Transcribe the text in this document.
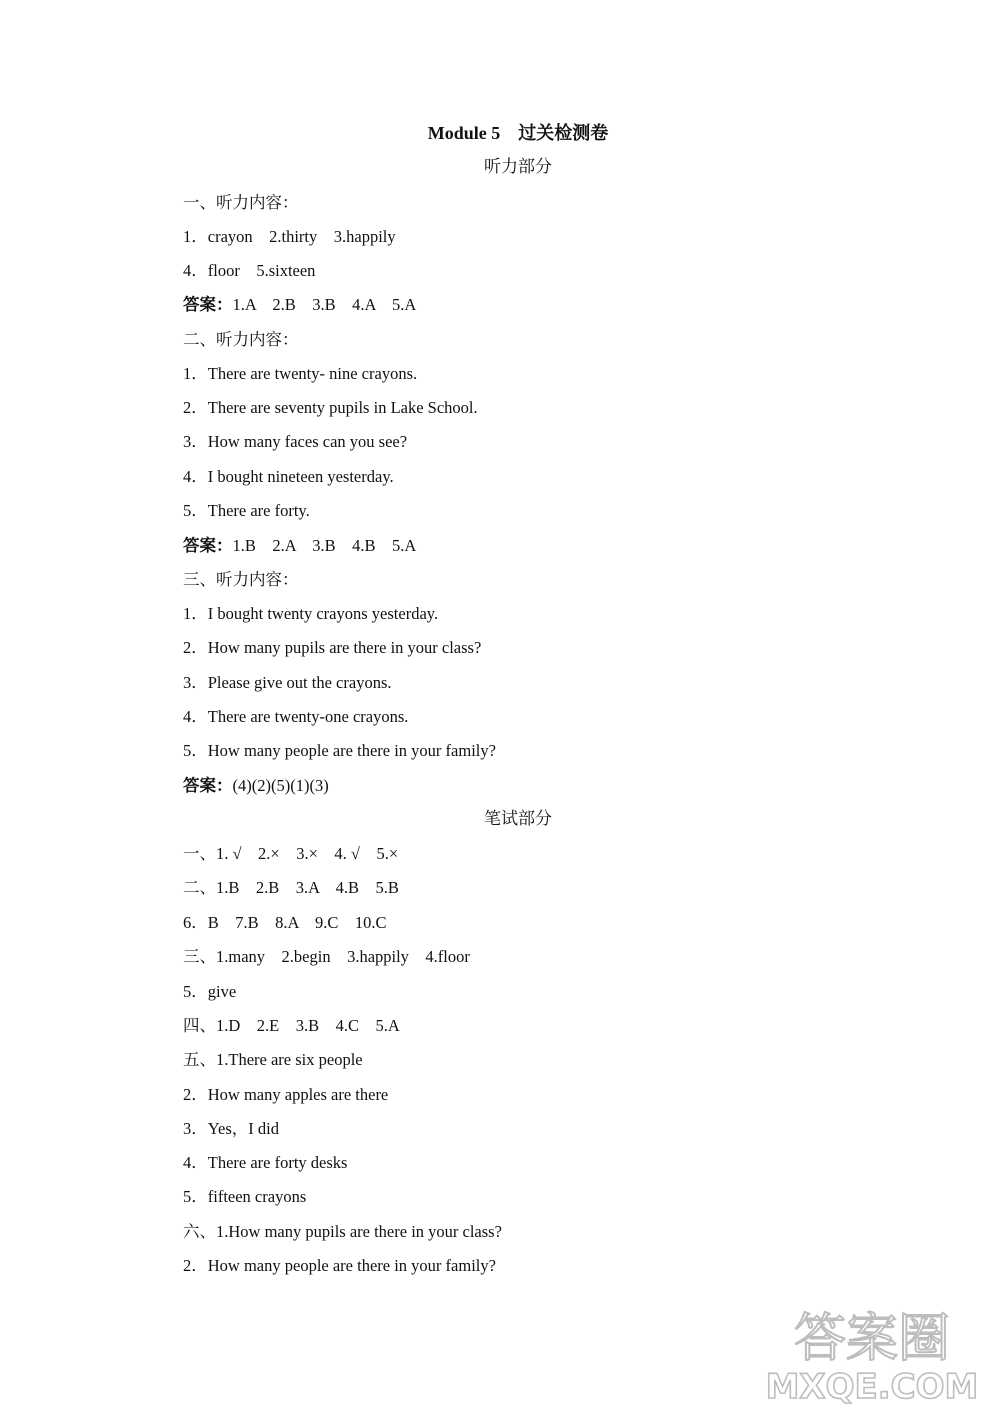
Module 5　过关检测卷
听力部分
一、听力内容：
1．crayon    2.thirty    3.happily
4．floor    5.sixteen
答案：1.A    2.B    3.B    4.A    5.A
二、听力内容：
1．There are twenty- nine crayons.
2．There are seventy pupils in Lake School.
3．How many faces can you see?
4．I bought nineteen yesterday.
5．There are forty.
答案：1.B    2.A    3.B    4.B    5.A
三、听力内容：
1．I bought twenty crayons yesterday.
2．How many pupils are there in your class?
3．Please give out the crayons.
4．There are twenty-one crayons.
5．How many people are there in your family?
答案：(4)(2)(5)(1)(3)
笔试部分
一、1. √    2.×    3.×    4. √    5.×
二、1.B    2.B    3.A    4.B    5.B
6．B    7.B    8.A    9.C    10.C
三、1.many    2.begin    3.happily    4.floor
5．give
四、1.D    2.E    3.B    4.C    5.A
五、1.There are six people
2．How many apples are there
3．Yes，I did
4．There are forty desks
5．fifteen crayons
六、1.How many pupils are there in your class?
2．How many people are there in your family?
答案圈
MXQE.COM
